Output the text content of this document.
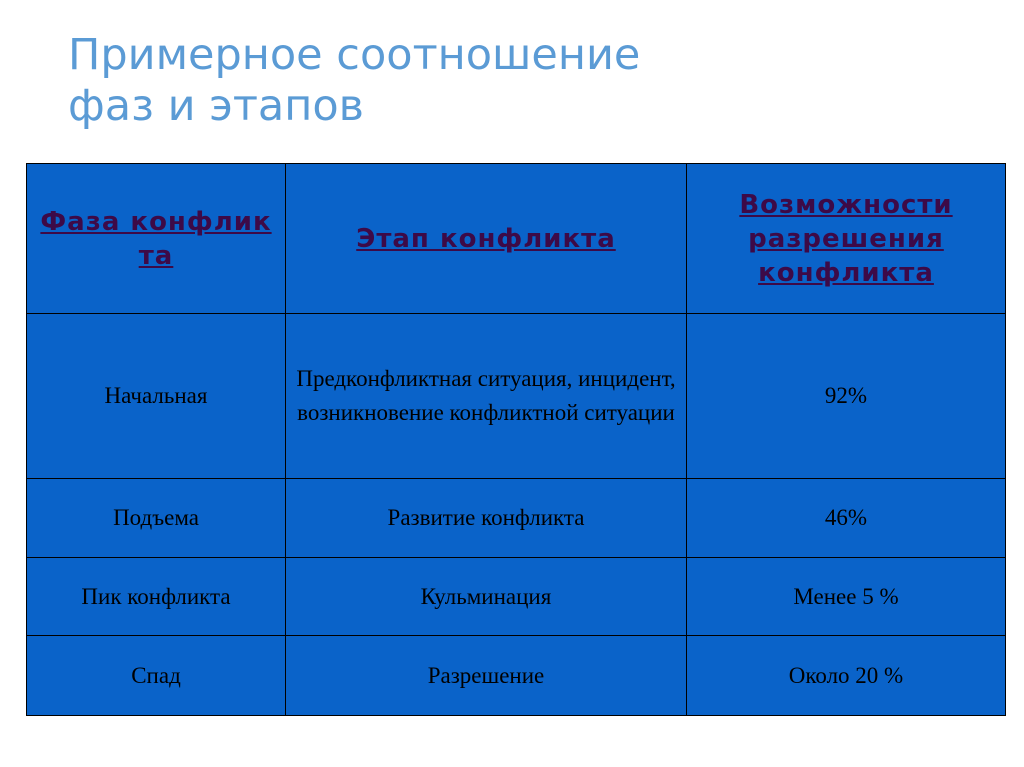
Примерное соотношение
фаз и этапов
Фаза конфликта	Этап конфликта	Возможности разрешения конфликта
Начальная	Предконфликтная ситуация, инцидент, возникновение конфликтной ситуации	92%
Подъема	Развитие конфликта	46%
Пик конфликта	Кульминация	Менее 5 %
Спад	Разрешение	Около 20 %
